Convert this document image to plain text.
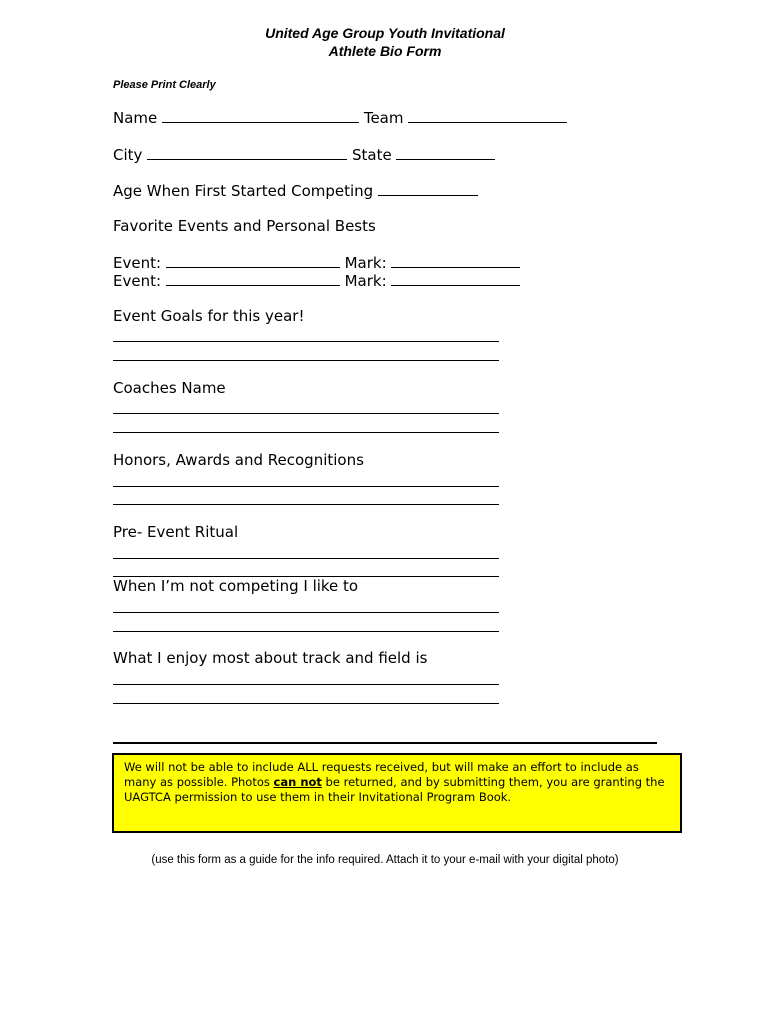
United Age Group Youth Invitational
Athlete Bio Form
Please Print Clearly
Name	Team
City	State
Age When First Started Competing
Favorite Events and Personal Bests
Event:	Mark:
Event:	Mark:
Event Goals for this year!
Coaches Name
Honors, Awards and Recognitions
Pre- Event Ritual
When I’m not competing I like to
What I enjoy most about track and field is
We will not be able to include ALL requests received, but will make an effort to include as many as possible. Photos can not be returned, and by submitting them, you are granting the UAGTCA permission to use them in their Invitational Program Book.
(use this form as a guide for the info required. Attach it to your e-mail with your digital photo)
